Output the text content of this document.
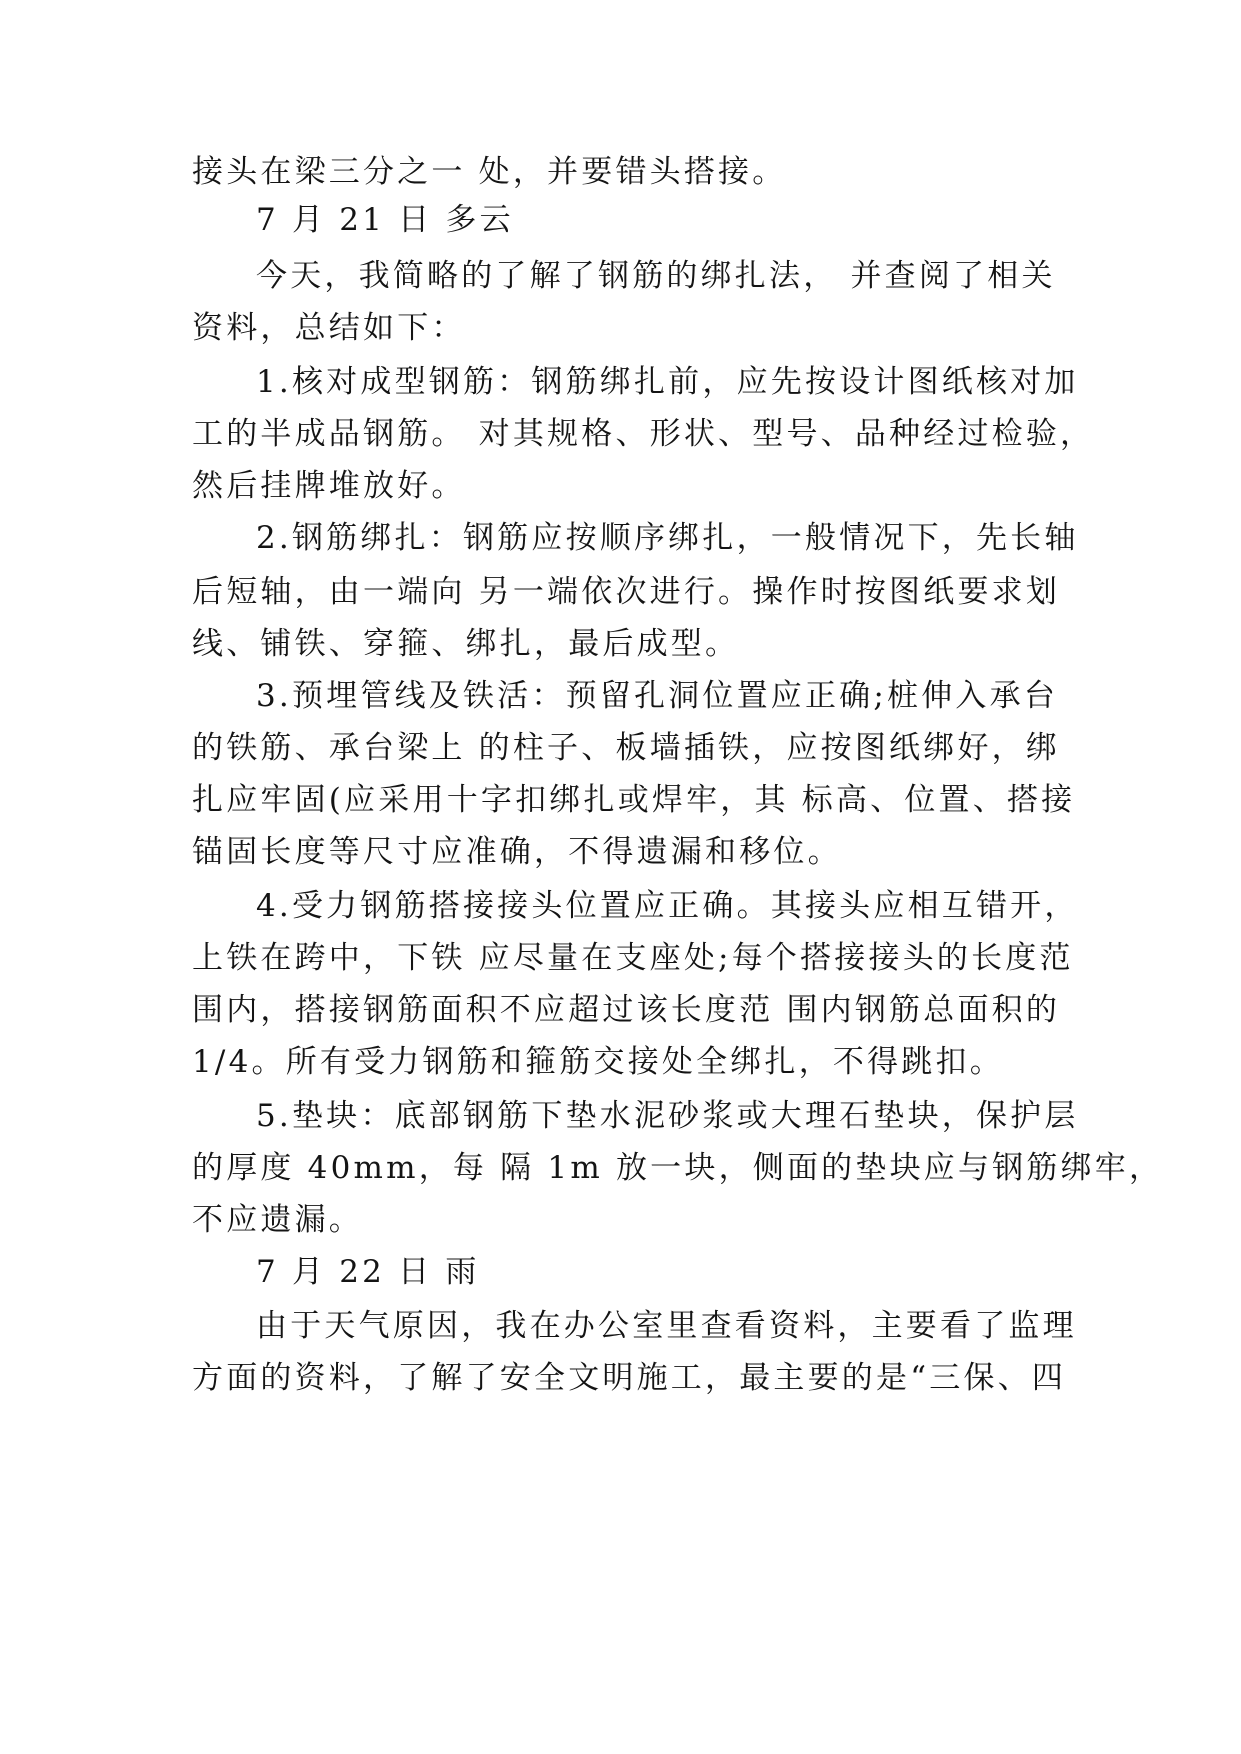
接头在梁三分之一 处，并要错头搭接。
7 月 21 日 多云
今天，我简略的了解了钢筋的绑扎法， 并查阅了相关
资料，总结如下：
1.核对成型钢筋：钢筋绑扎前，应先按设计图纸核对加
工的半成品钢筋。 对其规格、形状、型号、品种经过检验，
然后挂牌堆放好。
2.钢筋绑扎：钢筋应按顺序绑扎，一般情况下，先长轴
后短轴，由一端向 另一端依次进行。操作时按图纸要求划
线、铺铁、穿箍、绑扎，最后成型。
3.预埋管线及铁活：预留孔洞位置应正确;桩伸入承台
的铁筋、承台梁上 的柱子、板墙插铁，应按图纸绑好，绑
扎应牢固(应采用十字扣绑扎或焊牢，其 标高、位置、搭接
锚固长度等尺寸应准确，不得遗漏和移位。
4.受力钢筋搭接接头位置应正确。其接头应相互错开，
上铁在跨中，下铁 应尽量在支座处;每个搭接接头的长度范
围内，搭接钢筋面积不应超过该长度范 围内钢筋总面积的
1/4。所有受力钢筋和箍筋交接处全绑扎，不得跳扣。
5.垫块：底部钢筋下垫水泥砂浆或大理石垫块，保护层
的厚度 40mm，每 隔 1m 放一块，侧面的垫块应与钢筋绑牢，
不应遗漏。
7 月 22 日 雨
由于天气原因，我在办公室里查看资料，主要看了监理
方面的资料，了解了安全文明施工，最主要的是“三保、四
